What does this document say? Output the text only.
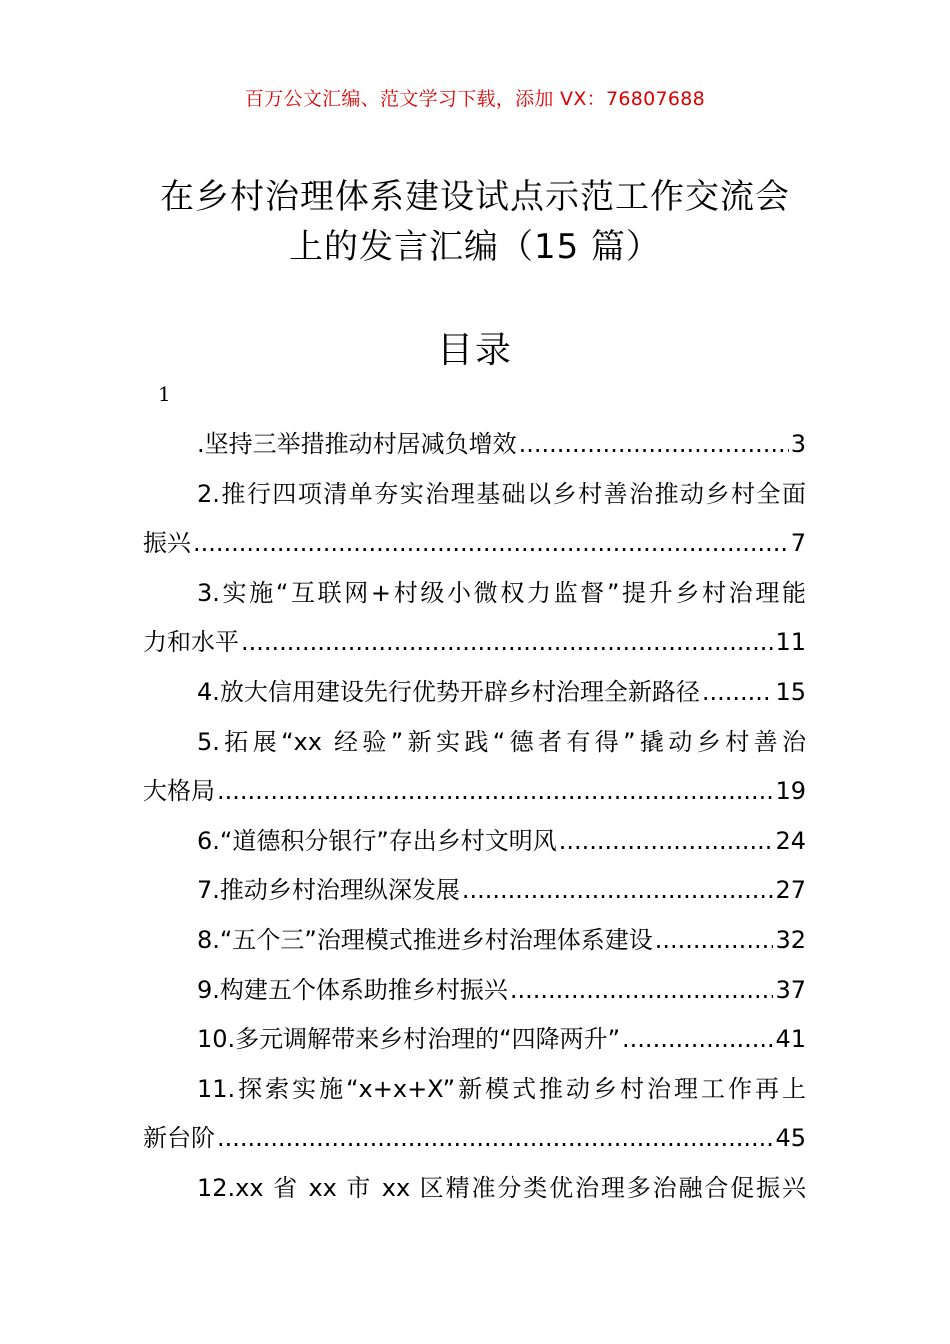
百万公文汇编、范文学习下载，添加 VX：76807688
在乡村治理体系建设试点示范工作交流会
上的发言汇编（15 篇）
目录
1
.坚持三举措推动村居减负增效 .....	3
2.推行四项清单夯实治理基础以乡村善治推动乡村全面
振兴 .....	7
3.实施“互联网+村级小微权力监督”提升乡村治理能
力和水平 .....	11
4.放大信用建设先行优势开辟乡村治理全新路径 .....	15
5.拓展“xx 经验”新实践“德者有得”撬动乡村善治
大格局 .....	19
6.“道德积分银行”存出乡村文明风 .....	24
7.推动乡村治理纵深发展 .....	27
8.“五个三”治理模式推进乡村治理体系建设 .....	32
9.构建五个体系助推乡村振兴 .....	37
10.多元调解带来乡村治理的“四降两升” .....	41
11.探索实施“x+x+X”新模式推动乡村治理工作再上
新台阶 .....	45
12.xx 省 xx 市 xx 区精准分类优治理多治融合促振兴
